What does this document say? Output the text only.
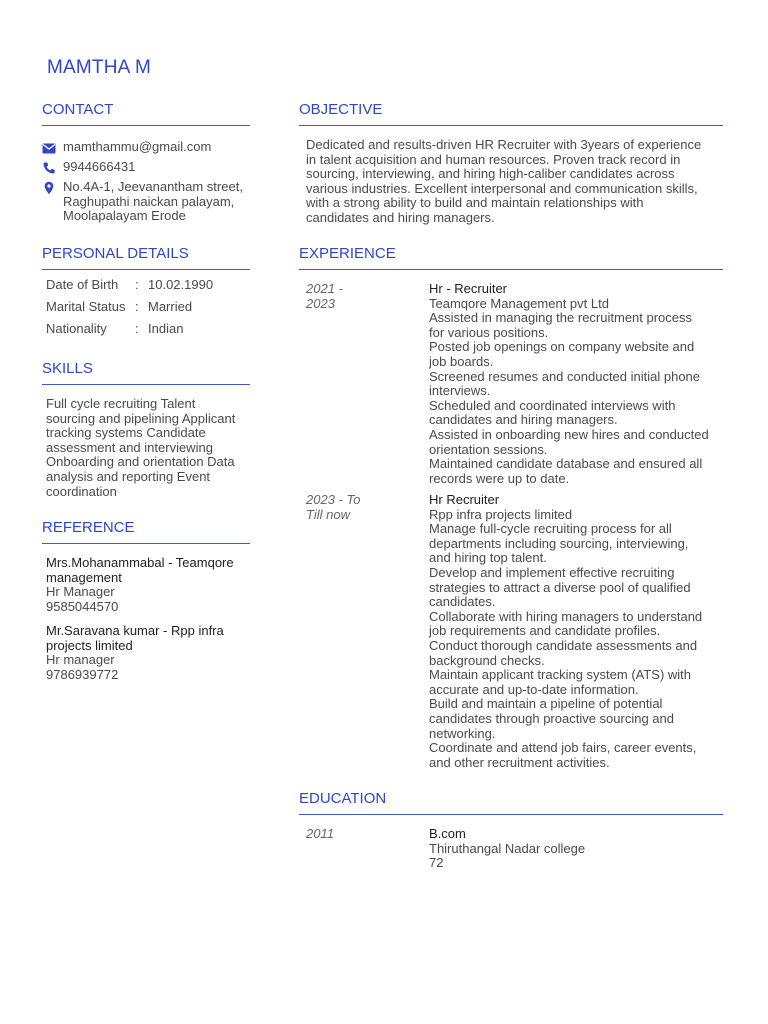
MAMTHA M
CONTACT
mamthammu@gmail.com
9944666431
No.4A-1, Jeevanantham street,
Raghupathi naickan palayam,
Moolapalayam Erode
PERSONAL DETAILS
Date of Birth	: 10.02.1990
Marital Status : Married
Nationality	: Indian
SKILLS
Full cycle recruiting Talent
sourcing and pipelining Applicant
tracking systems Candidate
assessment and interviewing
Onboarding and orientation Data
analysis and reporting Event
coordination
REFERENCE
Mrs.Mohanammabal - Teamqore
management
Hr Manager
9585044570
Mr.Saravana kumar - Rpp infra
projects limited
Hr manager
9786939772
OBJECTIVE
Dedicated and results-driven HR Recruiter with 3years of experience
in talent acquisition and human resources. Proven track record in
sourcing, interviewing, and hiring high-caliber candidates across
various industries. Excellent interpersonal and communication skills,
with a strong ability to build and maintain relationships with
candidates and hiring managers.
EXPERIENCE
2021 -
2023
Hr - Recruiter
Teamqore Management pvt Ltd
Assisted in managing the recruitment process
for various positions.
Posted job openings on company website and
job boards.
Screened resumes and conducted initial phone
interviews.
Scheduled and coordinated interviews with
candidates and hiring managers.
Assisted in onboarding new hires and conducted
orientation sessions.
Maintained candidate database and ensured all
records were up to date.
2023 - To
Till now
Hr Recruiter
Rpp infra projects limited
Manage full-cycle recruiting process for all
departments including sourcing, interviewing,
and hiring top talent.
Develop and implement effective recruiting
strategies to attract a diverse pool of qualified
candidates.
Collaborate with hiring managers to understand
job requirements and candidate profiles.
Conduct thorough candidate assessments and
background checks.
Maintain applicant tracking system (ATS) with
accurate and up-to-date information.
Build and maintain a pipeline of potential
candidates through proactive sourcing and
networking.
Coordinate and attend job fairs, career events,
and other recruitment activities.
EDUCATION
2011	B.com
Thiruthangal Nadar college
72
